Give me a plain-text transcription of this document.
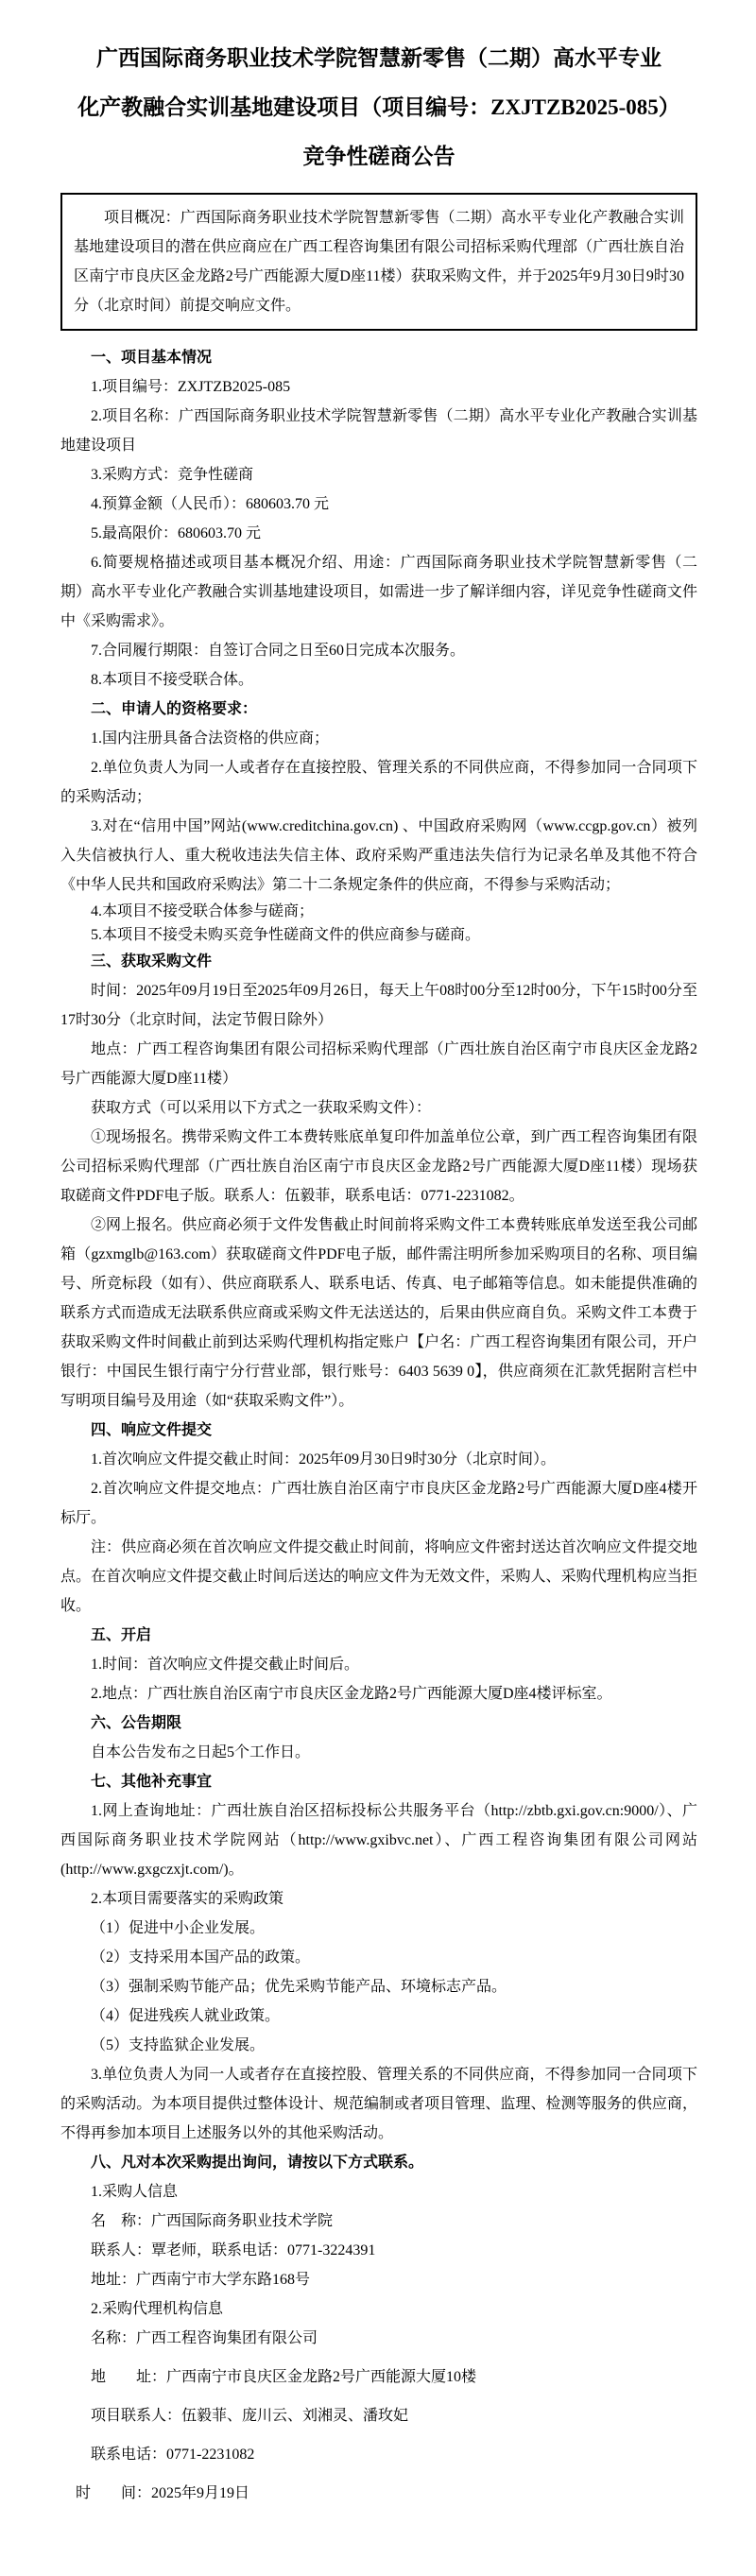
广西国际商务职业技术学院智慧新零售（二期）高水平专业
化产教融合实训基地建设项目（项目编号：ZXJTZB2025-085）
竞争性磋商公告

项目概况：广西国际商务职业技术学院智慧新零售（二期）高水平专业化产教融合实训基地建设项目的潜在供应商应在广西工程咨询集团有限公司招标采购代理部（广西壮族自治区南宁市良庆区金龙路2号广西能源大厦D座11楼）获取采购文件，并于2025年9月30日9时30分（北京时间）前提交响应文件。

一、项目基本情况

1.项目编号：ZXJTZB2025-085

2.项目名称：广西国际商务职业技术学院智慧新零售（二期）高水平专业化产教融合实训基地建设项目

3.采购方式：竞争性磋商

4.预算金额（人民币）：680603.70 元

5.最高限价：680603.70 元

6.简要规格描述或项目基本概况介绍、用途：广西国际商务职业技术学院智慧新零售（二期）高水平专业化产教融合实训基地建设项目，如需进一步了解详细内容，详见竞争性磋商文件中《采购需求》。

7.合同履行期限：自签订合同之日至60日完成本次服务。

8.本项目不接受联合体。

二、申请人的资格要求：

1.国内注册具备合法资格的供应商；

2.单位负责人为同一人或者存在直接控股、管理关系的不同供应商，不得参加同一合同项下的采购活动；

3.对在“信用中国”网站(www.creditchina.gov.cn) 、中国政府采购网（www.ccgp.gov.cn）被列入失信被执行人、重大税收违法失信主体、政府采购严重违法失信行为记录名单及其他不符合《中华人民共和国政府采购法》第二十二条规定条件的供应商，不得参与采购活动；

4.本项目不接受联合体参与磋商；

5.本项目不接受未购买竞争性磋商文件的供应商参与磋商。

三、获取采购文件

时间：2025年09月19日至2025年09月26日，每天上午08时00分至12时00分，下午15时00分至17时30分（北京时间，法定节假日除外）

地点：广西工程咨询集团有限公司招标采购代理部（广西壮族自治区南宁市良庆区金龙路2号广西能源大厦D座11楼）

获取方式（可以采用以下方式之一获取采购文件）：

①现场报名。携带采购文件工本费转账底单复印件加盖单位公章，到广西工程咨询集团有限公司招标采购代理部（广西壮族自治区南宁市良庆区金龙路2号广西能源大厦D座11楼）现场获取磋商文件PDF电子版。联系人：伍毅菲，联系电话：0771-2231082。

②网上报名。供应商必须于文件发售截止时间前将采购文件工本费转账底单发送至我公司邮箱（gzxmglb@163.com）获取磋商文件PDF电子版，邮件需注明所参加采购项目的名称、项目编号、所竞标段（如有）、供应商联系人、联系电话、传真、电子邮箱等信息。如未能提供准确的联系方式而造成无法联系供应商或采购文件无法送达的，后果由供应商自负。采购文件工本费于获取采购文件时间截止前到达采购代理机构指定账户【户名：广西工程咨询集团有限公司，开户银行：中国民生银行南宁分行营业部，银行账号：6403 5639 0】，供应商须在汇款凭据附言栏中写明项目编号及用途（如“获取采购文件”）。

四、响应文件提交

1.首次响应文件提交截止时间：2025年09月30日9时30分（北京时间）。

2.首次响应文件提交地点：广西壮族自治区南宁市良庆区金龙路2号广西能源大厦D座4楼开标厅。

注：供应商必须在首次响应文件提交截止时间前，将响应文件密封送达首次响应文件提交地点。在首次响应文件提交截止时间后送达的响应文件为无效文件，采购人、采购代理机构应当拒收。

五、开启

1.时间：首次响应文件提交截止时间后。

2.地点：广西壮族自治区南宁市良庆区金龙路2号广西能源大厦D座4楼评标室。

六、公告期限

自本公告发布之日起5个工作日。

七、其他补充事宜

1.网上查询地址：广西壮族自治区招标投标公共服务平台（http://zbtb.gxi.gov.cn:9000/）、广西国际商务职业技术学院网站（http://www.gxibvc.net）、广西工程咨询集团有限公司网站(http://www.gxgczxjt.com/)。

2.本项目需要落实的采购政策

（1）促进中小企业发展。

（2）支持采用本国产品的政策。

（3）强制采购节能产品；优先采购节能产品、环境标志产品。

（4）促进残疾人就业政策。

（5）支持监狱企业发展。

3.单位负责人为同一人或者存在直接控股、管理关系的不同供应商，不得参加同一合同项下的采购活动。为本项目提供过整体设计、规范编制或者项目管理、监理、检测等服务的供应商，不得再参加本项目上述服务以外的其他采购活动。

八、凡对本次采购提出询问，请按以下方式联系。

1.采购人信息

名　称：广西国际商务职业技术学院

联系人：覃老师，联系电话：0771-3224391

地址：广西南宁市大学东路168号

2.采购代理机构信息

名称：广西工程咨询集团有限公司

地　　址：广西南宁市良庆区金龙路2号广西能源大厦10楼

项目联系人：伍毅菲、庞川云、刘湘灵、潘玫妃

联系电话：0771-2231082

时　　间：2025年9月19日
